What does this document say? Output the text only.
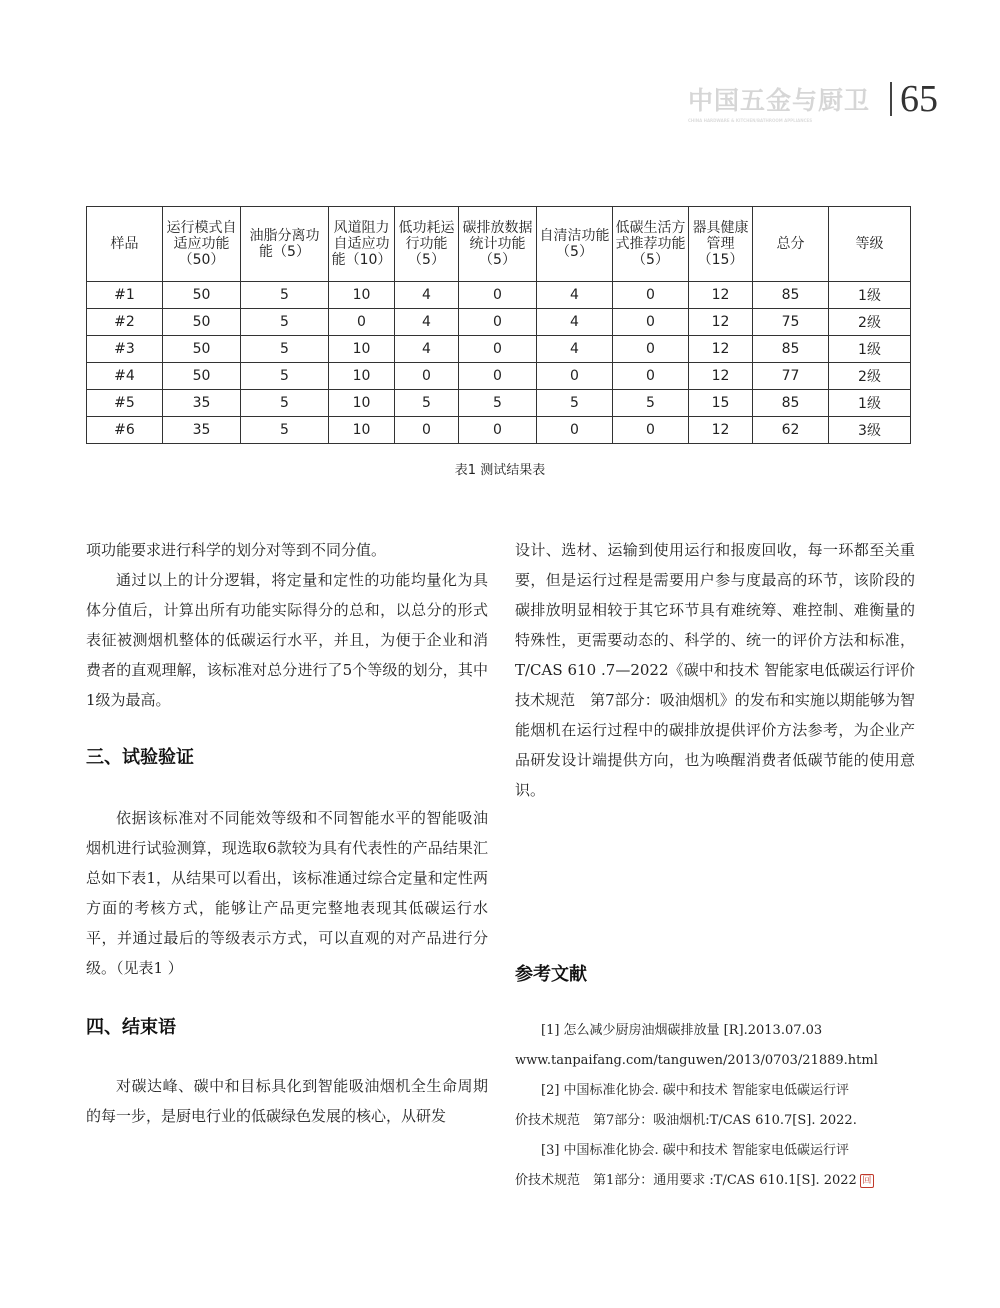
中国五金与厨卫
CHINA HARDWARE & KITCHEN/BATHROOM APPLIANCES
65
样品	运行模式自适应功能（50）	油脂分离功能（5）	风道阻力自适应功能（10）	低功耗运行功能（5）	碳排放数据统计功能（5）	自清洁功能（5）	低碳生活方式推荐功能（5）	器具健康管理（15）	总分	等级
#1	50	5	10	4	0	4	0	12	85	1级
#2	50	5	0	4	0	4	0	12	75	2级
#3	50	5	10	4	0	4	0	12	85	1级
#4	50	5	10	0	0	0	0	12	77	2级
#5	35	5	10	5	5	5	5	15	85	1级
#6	35	5	10	0	0	0	0	12	62	3级
表1 测试结果表

项功能要求进行科学的划分对等到不同分值。

通过以上的计分逻辑，将定量和定性的功能均量化为具体分值后，计算出所有功能实际得分的总和，以总分的形式表征被测烟机整体的低碳运行水平，并且，为便于企业和消费者的直观理解，该标准对总分进行了5个等级的划分，其中1级为最高。

三、试验验证

依据该标准对不同能效等级和不同智能水平的智能吸油烟机进行试验测算，现选取6款较为具有代表性的产品结果汇总如下表1，从结果可以看出，该标准通过综合定量和定性两方面的考核方式，能够让产品更完整地表现其低碳运行水平，并通过最后的等级表示方式，可以直观的对产品进行分级。（见表1 ）

四、结束语

对碳达峰、碳中和目标具化到智能吸油烟机全生命周期的每一步，是厨电行业的低碳绿色发展的核心，从研发

设计、选材、运输到使用运行和报废回收，每一环都至关重要，但是运行过程是需要用户参与度最高的环节，该阶段的碳排放明显相较于其它环节具有难统筹、难控制、难衡量的特殊性，更需要动态的、科学的、统一的评价方法和标准，T/CAS 610 .7—2022《碳中和技术 智能家电低碳运行评价技术规范　第7部分：吸油烟机》的发布和实施以期能够为智能烟机在运行过程中的碳排放提供评价方法参考，为企业产品研发设计端提供方向，也为唤醒消费者低碳节能的使用意识。

参考文献

[1] 怎么减少厨房油烟碳排放量 [R].2013.07.03

www.tanpaifang.com/tanguwen/2013/0703/21889.html

[2] 中国标准化协会. 碳中和技术 智能家电低碳运行评

价技术规范　第7部分：吸油烟机:T/CAS 610.7[S]. 2022.

[3] 中国标准化协会. 碳中和技术 智能家电低碳运行评

价技术规范　第1部分：通用要求 :T/CAS 610.1[S]. 2022 回
